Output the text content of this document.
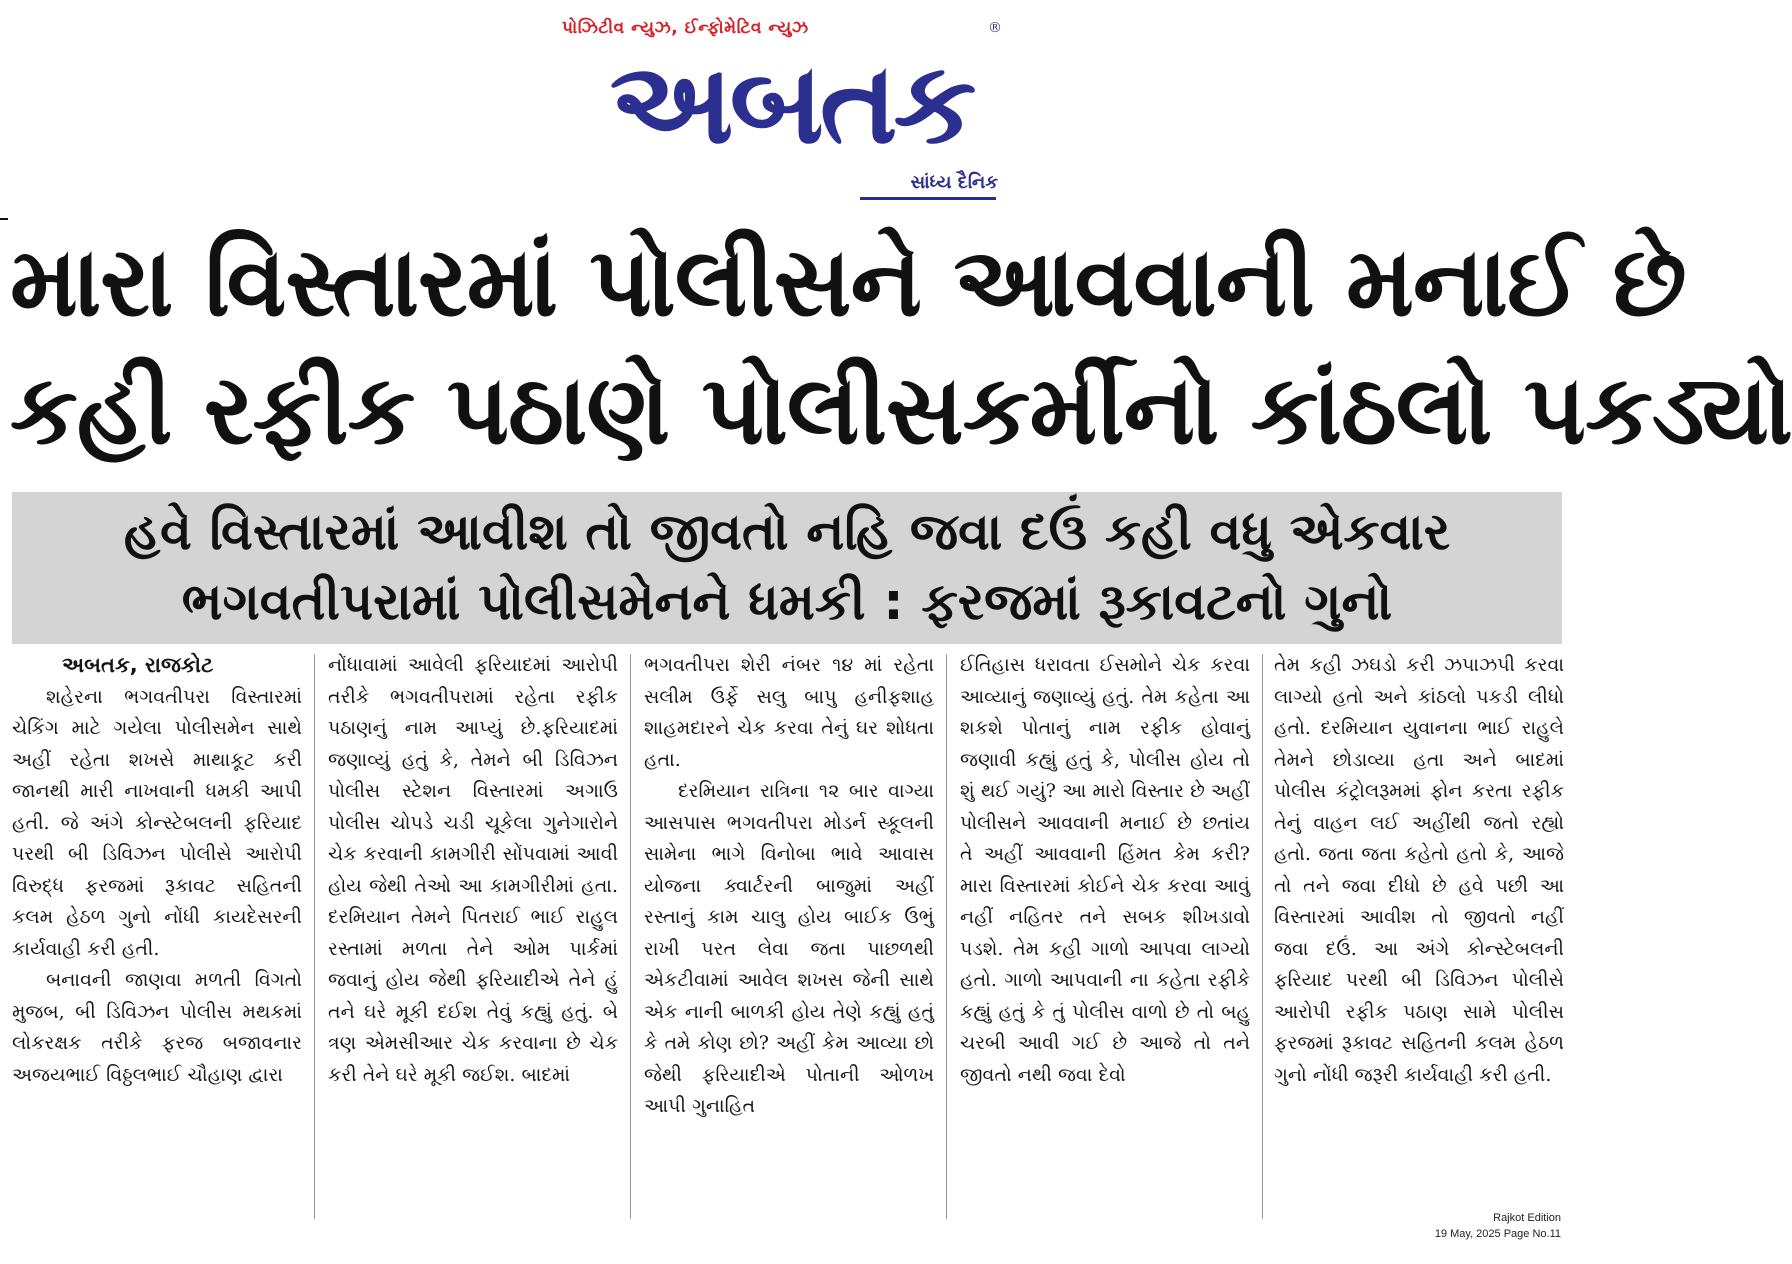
પોઝિટીવ ન્યુઝ, ઈન્ફોમેટિવ ન્યુઝ	®
અબતક
સાંધ્ય દૈનિક
મારા વિસ્તારમાં પોલીસને આવવાની મનાઈ છે
કહી રફીક પઠાણે પોલીસકર્મીનો કાંઠલો પકડ્યો
હવે વિસ્તારમાં આવીશ તો જીવતો નહિ જવા દઉં કહી વધુ એકવાર
ભગવતીપરામાં પોલીસમેનને ધમકી : ફરજમાં રૂકાવટનો ગુનો
અબતક, રાજકોટ

શહેરના ભગવતીપરા વિસ્તારમાં ચેકિંગ માટે ગયેલા પોલીસમેન સાથે અહીં રહેતા શખસે માથાકૂટ કરી જાનથી મારી નાખવાની ધમકી આપી હતી. જે અંગે કોન્સ્ટેબલની ફરિયાદ પરથી બી ડિવિઝન પોલીસે આરોપી વિરુદ્ધ ફરજમાં રૂકાવટ સહિતની કલમ હેઠળ ગુનો નોંધી કાયદેસરની કાર્યવાહી કરી હતી.

બનાવની જાણવા મળતી વિગતો મુજબ, બી ડિવિઝન પોલીસ મથકમાં લોકરક્ષક તરીકે ફરજ બજાવનાર અજયભાઈ વિઠ્ઠલભાઈ ચૌહાણ દ્વારા

નોંધાવામાં આવેલી ફરિયાદમાં આરોપી તરીકે ભગવતીપરામાં રહેતા રફીક પઠાણનું નામ આપ્યું છે.ફરિયાદમાં જણાવ્યું હતું કે, તેમને બી ડિવિઝન પોલીસ સ્ટેશન વિસ્તારમાં અગાઉ પોલીસ ચોપડે ચડી ચૂકેલા ગુનેગારોને ચેક કરવાની કામગીરી સોંપવામાં આવી હોય જેથી તેઓ આ કામગીરીમાં હતા. દરમિયાન તેમને પિતરાઈ ભાઈ રાહુલ રસ્તામાં મળતા તેને ઓમ પાર્કમાં જવાનું હોય જેથી ફરિયાદીએ તેને હું તને ઘરે મૂકી દઈશ તેવું કહ્યું હતું. બે ત્રણ એમસીઆર ચેક કરવાના છે ચેક કરી તેને ઘરે મૂકી જઈશ. બાદમાં

ભગવતીપરા શેરી નંબર ૧૪ માં રહેતા સલીમ ઉર્ફે સલુ બાપુ હનીફશાહ શાહમદારને ચેક કરવા તેનું ઘર શોધતા હતા.

દરમિયાન રાત્રિના ૧૨ બાર વાગ્યા આસપાસ ભગવતીપરા મોડર્ન સ્કૂલની સામેના ભાગે વિનોબા ભાવે આવાસ યોજના ક્વાર્ટરની બાજુમાં અહીં રસ્તાનું કામ ચાલુ હોય બાઈક ઉભું રાખી પરત લેવા જતા પાછળથી એકટીવામાં આવેલ શખસ જેની સાથે એક નાની બાળકી હોય તેણે કહ્યું હતું કે તમે કોણ છો? અહીં કેમ આવ્યા છો જેથી ફરિયાદીએ પોતાની ઓળખ આપી ગુનાહિત

ઈતિહાસ ધરાવતા ઈસમોને ચેક કરવા આવ્યાનું જણાવ્યું હતું. તેમ કહેતા આ શકશે પોતાનું નામ રફીક હોવાનું જણાવી કહ્યું હતું કે, પોલીસ હોય તો શું થઈ ગયું? આ મારો વિસ્તાર છે અહીં પોલીસને આવવાની મનાઈ છે છતાંય તે અહીં આવવાની હિંમત કેમ કરી? મારા વિસ્તારમાં કોઈને ચેક કરવા આવું નહીં નહિતર તને સબક શીખડાવો પડશે. તેમ કહી ગાળો આપવા લાગ્યો હતો. ગાળો આપવાની ના કહેતા રફીકે કહ્યું હતું કે તું પોલીસ વાળો છે તો બહુ ચરબી આવી ગઈ છે આજે તો તને જીવતો નથી જવા દેવો

તેમ કહી ઝઘડો કરી ઝપાઝપી કરવા લાગ્યો હતો અને કાંઠલો પકડી લીધો હતો. દરમિયાન યુવાનના ભાઈ રાહુલે તેમને છોડાવ્યા હતા અને બાદમાં પોલીસ કંટ્રોલરૂમમાં ફોન કરતા રફીક તેનું વાહન લઈ અહીંથી જતો રહ્યો હતો. જતા જતા કહેતો હતો કે, આજે તો તને જવા દીધો છે હવે પછી આ વિસ્તારમાં આવીશ તો જીવતો નહીં જવા દઉં. આ અંગે કોન્સ્ટેબલની ફરિયાદ પરથી બી ડિવિઝન પોલીસે આરોપી રફીક પઠાણ સામે પોલીસ ફરજમાં રૂકાવટ સહિતની કલમ હેઠળ ગુનો નોંધી જરૂરી કાર્યવાહી કરી હતી.

Rajkot Edition
19 May, 2025 Page No.11
